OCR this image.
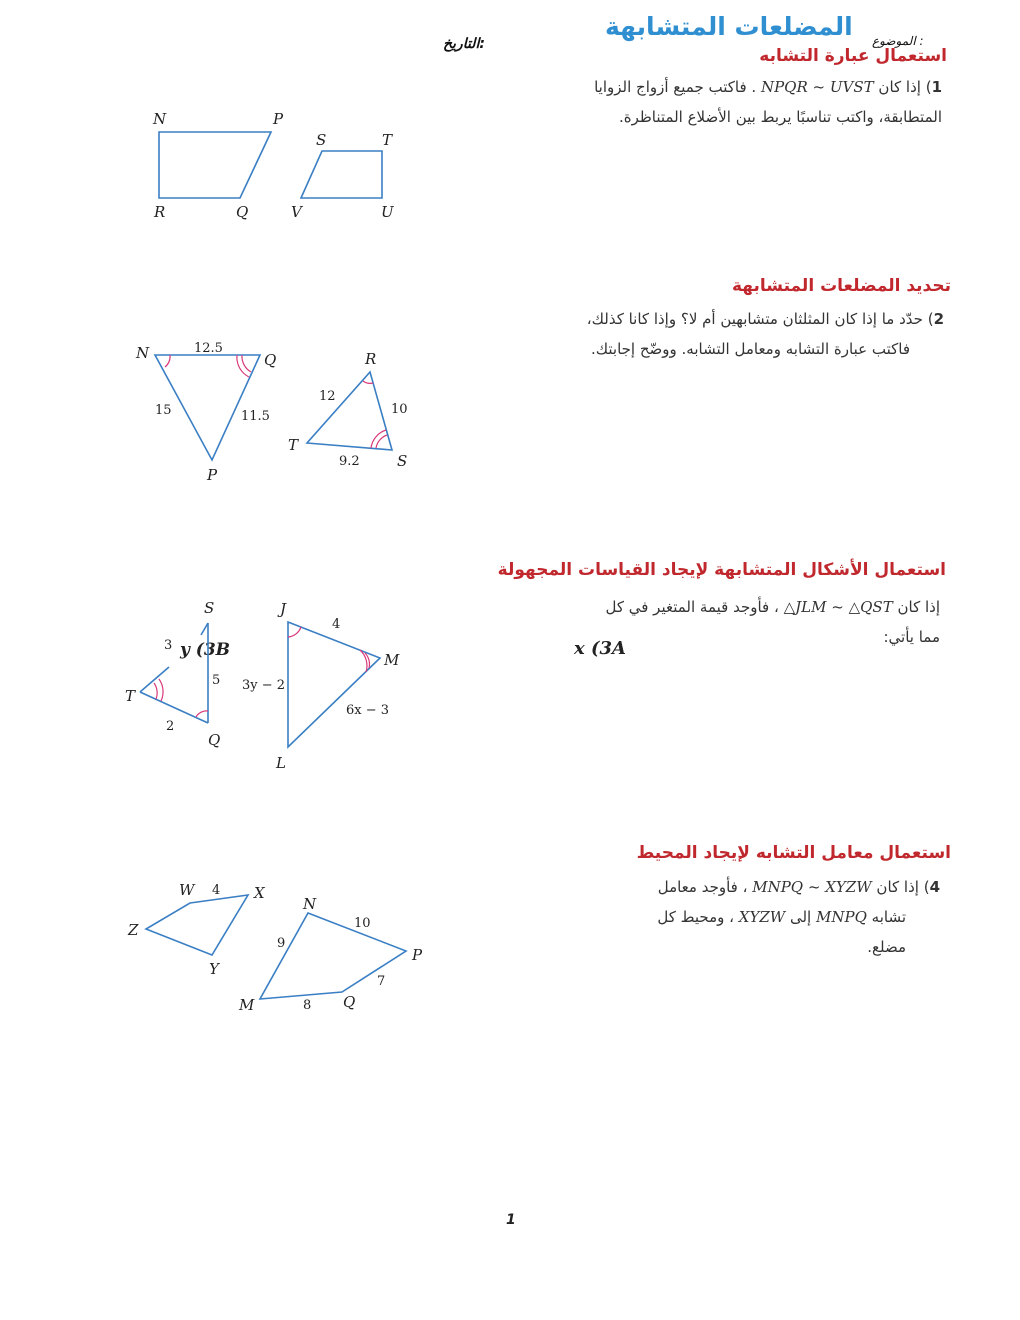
المضلعات المتشابهة الموضوع :
التاريخ:
استعمال عبارة التشابه
1) إذا كان NPQR ~ UVST . فاكتب جميع أزواج الزوايا
المتطابقة، واكتب تناسبًا يربط بين الأضلاع المتناظرة.
N	P
R	Q
S	T
V	U
تحديد المضلعات المتشابهة
2) حدّد ما إذا كان المثلثان متشابهين أم لا؟ وإذا كانا كذلك،
فاكتب عبارة التشابه ومعامل التشابه. ووضّح إجابتك.
N	Q
P
R
T
S
12.5
15	11.5
12
10
9.2
استعمال الأشكال المتشابهة لإيجاد القياسات المجهولة
إذا كان △JLM ~ △QST ، فأوجد قيمة المتغير في كل
مما يأتي:
x (3A
y (3B
S
T
Q
J
M
L
3
5
2
4
3y − 2
6x − 3
استعمال معامل التشابه لإيجاد المحيط
4) إذا كان MNPQ ~ XYZW ، فأوجد معامل
تشابه MNPQ إلى XYZW ، ومحيط كل
مضلع.
W	X
Z
Y
N
P
M	Q
4
10
9
7
8
1
